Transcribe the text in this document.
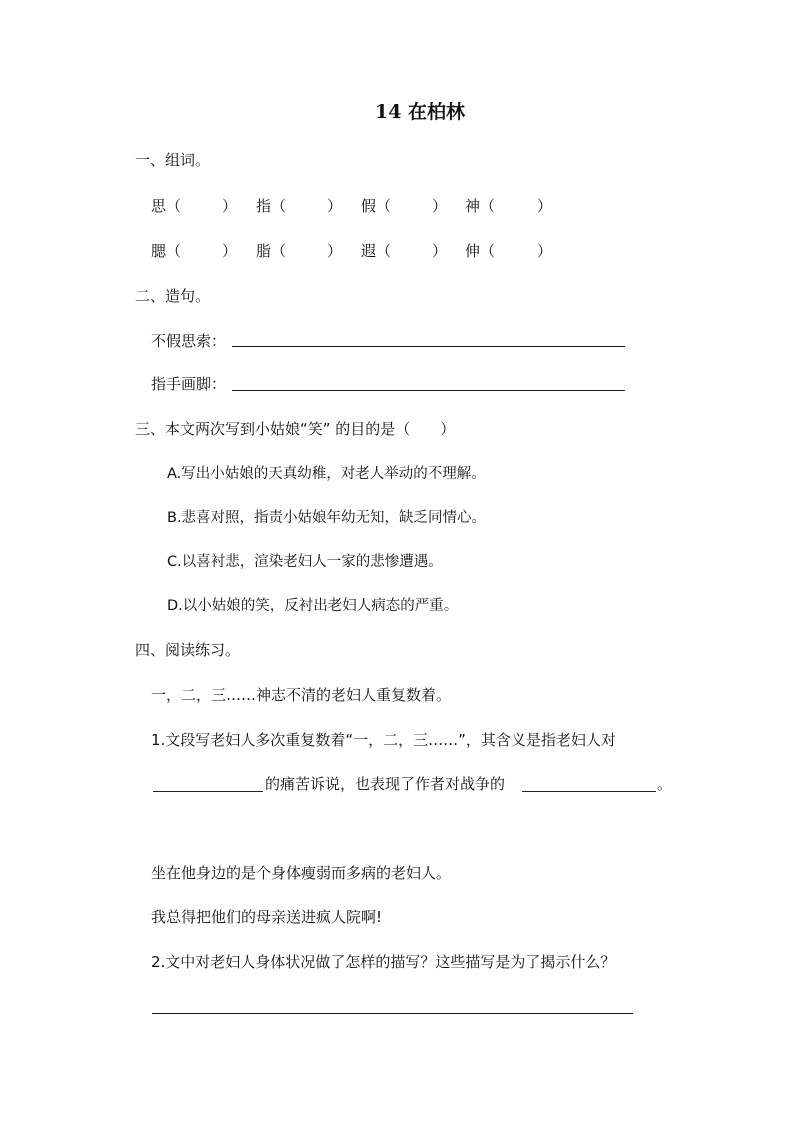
14 在柏林
一、组词。
思（	） 指（	） 假（	） 神（	）
腮（	） 脂（	） 遐（	） 伸（	）
二、造句。
不假思索：
指手画脚：
三、本文两次写到小姑娘“笑” 的目的是（　　）
A.写出小姑娘的天真幼稚，对老人举动的不理解。
B.悲喜对照，指责小姑娘年幼无知，缺乏同情心。
C.以喜衬悲，渲染老妇人一家的悲惨遭遇。
D.以小姑娘的笑，反衬出老妇人病态的严重。
四、阅读练习。
一，二，三……神志不清的老妇人重复数着。
1.文段写老妇人多次重复数着“一，二，三……”，其含义是指老妇人对
的痛苦诉说，也表现了作者对战争的	。
坐在他身边的是个身体瘦弱而多病的老妇人。
我总得把他们的母亲送进疯人院啊!
2.文中对老妇人身体状况做了怎样的描写？这些描写是为了揭示什么？
